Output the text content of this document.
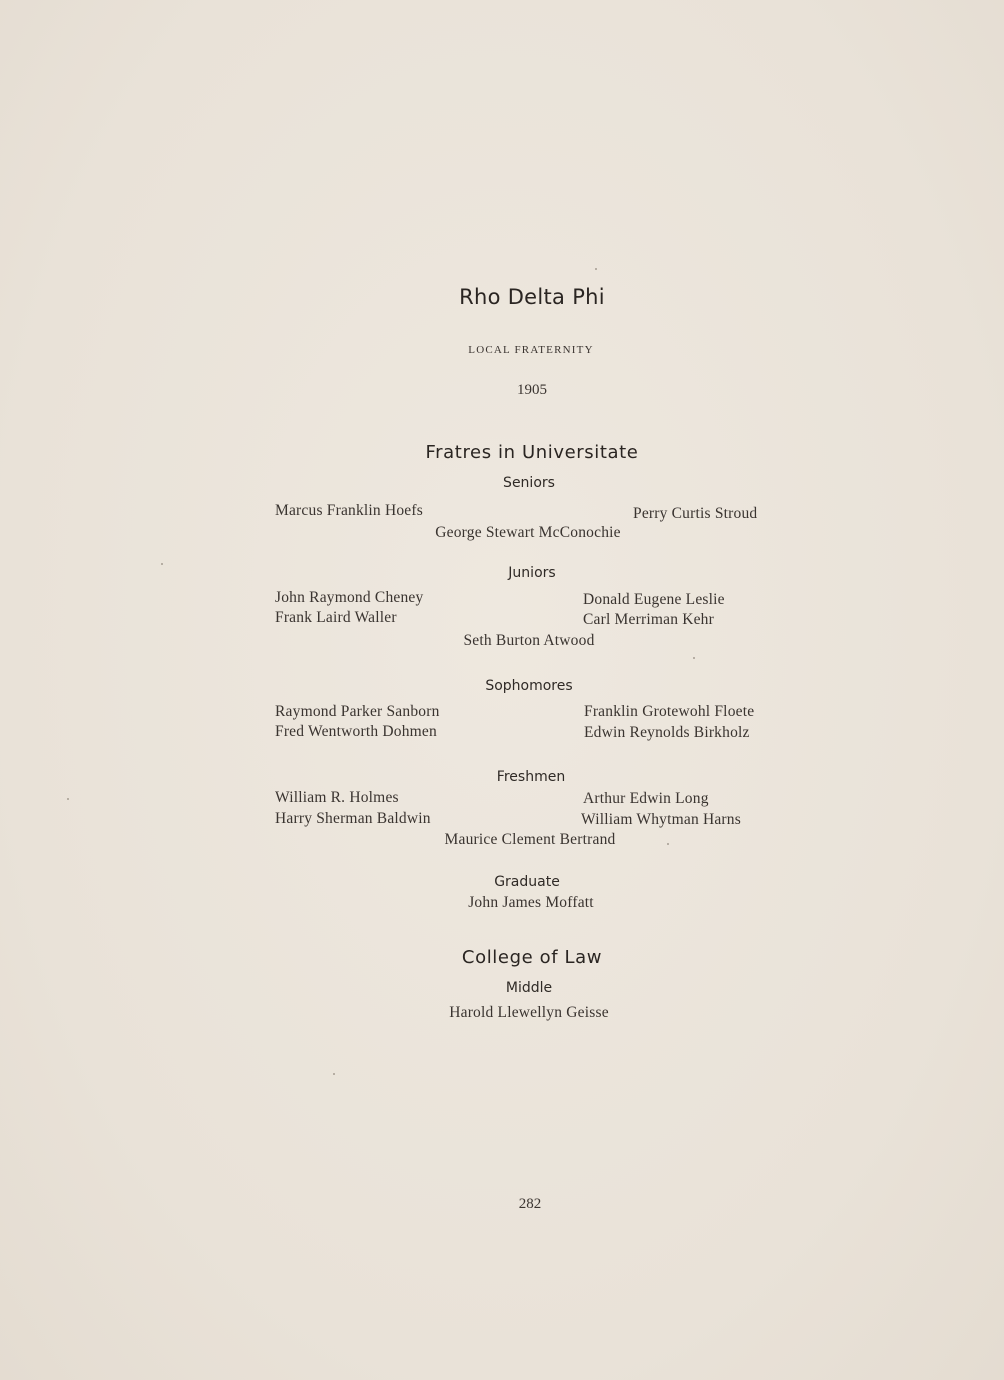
Rho Delta Phi
LOCAL FRATERNITY
1905
Fratres in Universitate
Seniors
Marcus Franklin Hoefs	Perry Curtis Stroud
George Stewart McConochie
Juniors
John Raymond Cheney
Frank Laird Waller
Donald Eugene Leslie
Carl Merriman Kehr
Seth Burton Atwood
Sophomores
Raymond Parker Sanborn
Fred Wentworth Dohmen
Franklin Grotewohl Floete
Edwin Reynolds Birkholz
Freshmen
William R. Holmes
Harry Sherman Baldwin
Arthur Edwin Long
William Whytman Harns
Maurice Clement Bertrand
Graduate
John James Moffatt
College of Law
Middle
Harold Llewellyn Geisse
282
